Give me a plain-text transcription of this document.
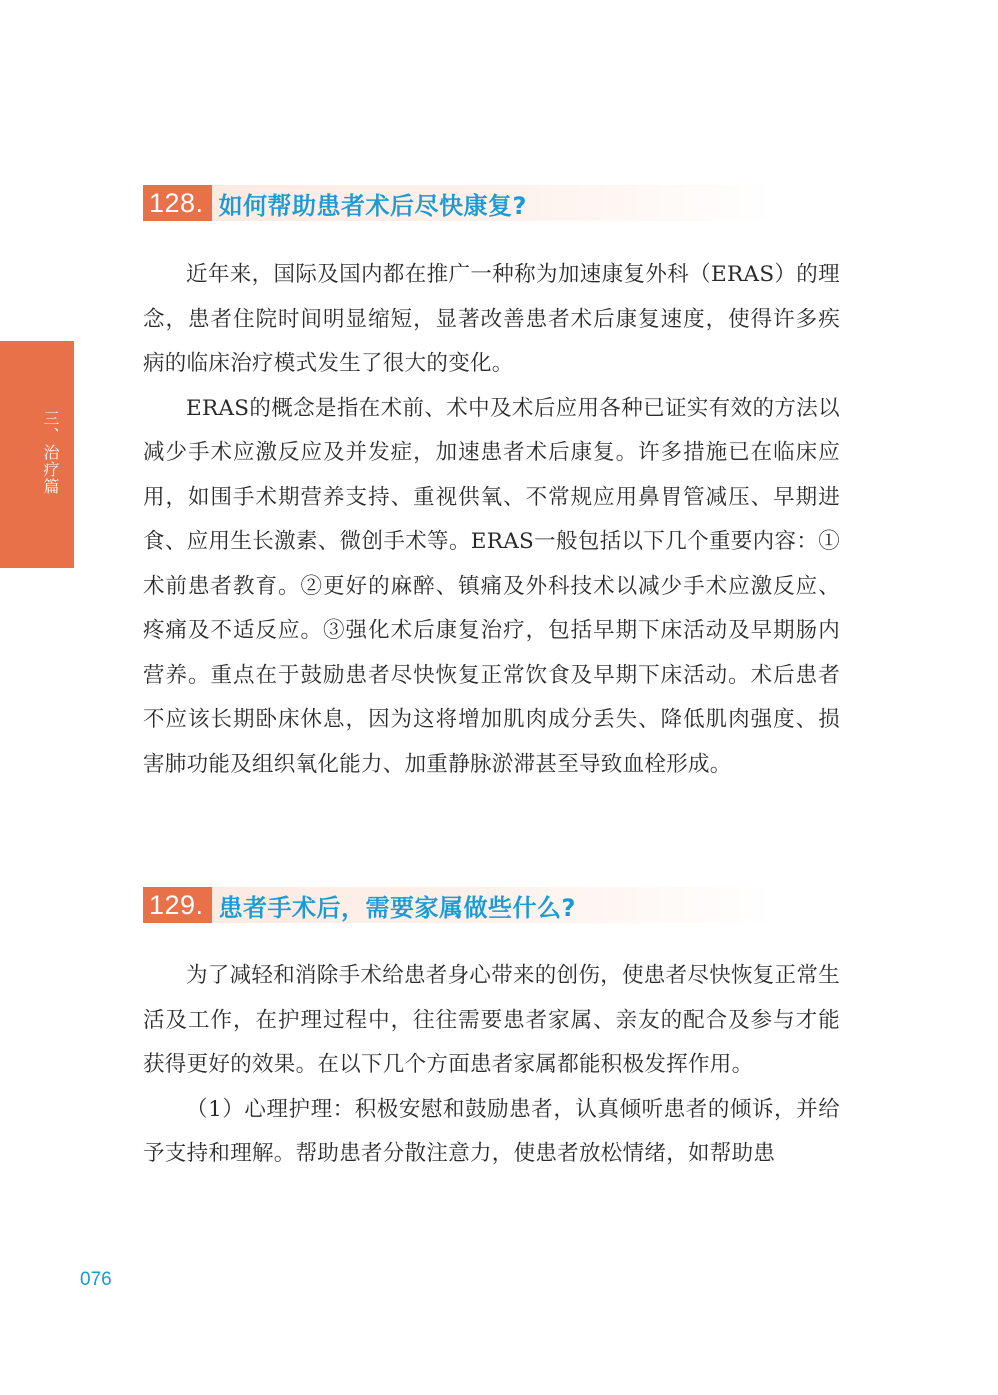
三、治疗篇
128. 如何帮助患者术后尽快康复?

近年来，国际及国内都在推广一种称为加速康复外科（ERAS）的理念，患者住院时间明显缩短，显著改善患者术后康复速度，使得许多疾病的临床治疗模式发生了很大的变化。

ERAS的概念是指在术前、术中及术后应用各种已证实有效的方法以减少手术应激反应及并发症，加速患者术后康复。许多措施已在临床应用，如围手术期营养支持、重视供氧、不常规应用鼻胃管减压、早期进食、应用生长激素、微创手术等。ERAS一般包括以下几个重要内容：①术前患者教育。②更好的麻醉、镇痛及外科技术以减少手术应激反应、疼痛及不适反应。③强化术后康复治疗，包括早期下床活动及早期肠内营养。重点在于鼓励患者尽快恢复正常饮食及早期下床活动。术后患者不应该长期卧床休息，因为这将增加肌肉成分丢失、降低肌肉强度、损害肺功能及组织氧化能力、加重静脉淤滞甚至导致血栓形成。

129. 患者手术后，需要家属做些什么?

为了减轻和消除手术给患者身心带来的创伤，使患者尽快恢复正常生活及工作，在护理过程中，往往需要患者家属、亲友的配合及参与才能获得更好的效果。在以下几个方面患者家属都能积极发挥作用。

（1）心理护理：积极安慰和鼓励患者，认真倾听患者的倾诉，并给予支持和理解。帮助患者分散注意力，使患者放松情绪，如帮助患

076
